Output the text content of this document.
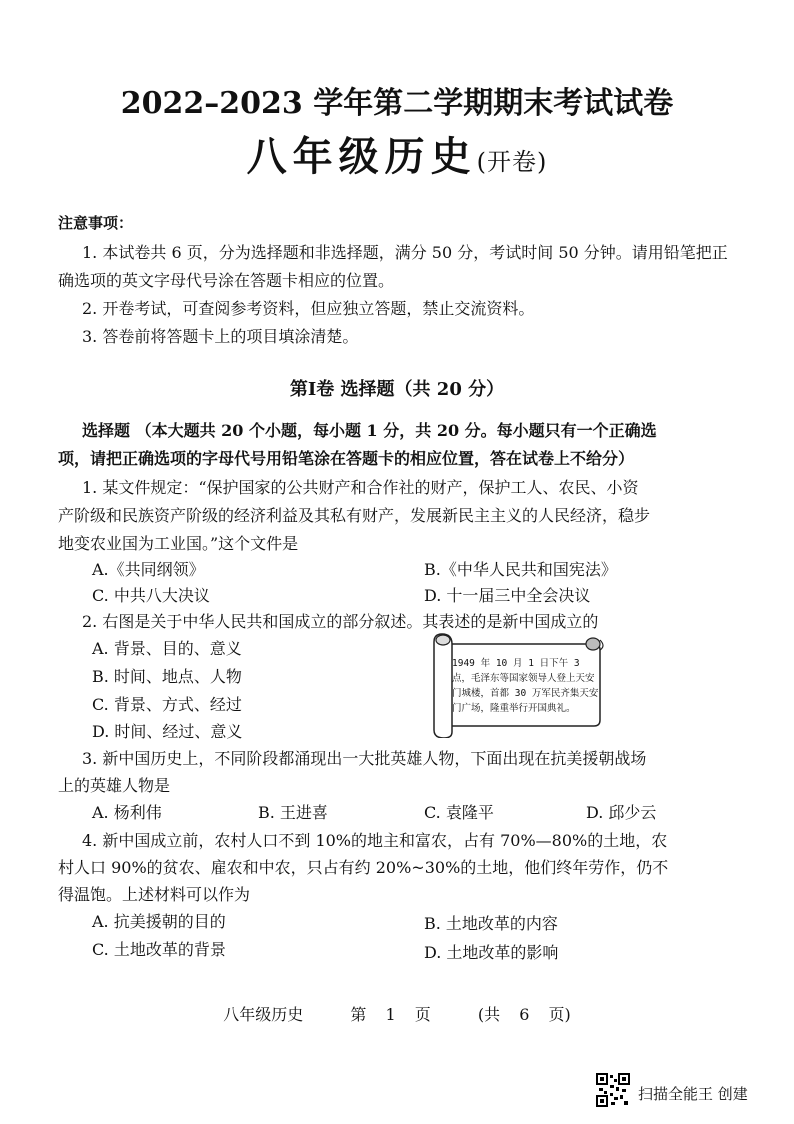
2022–2023 学年第二学期期末考试试卷
八年级历史(开卷)
注意事项：
1. 本试卷共 6 页，分为选择题和非选择题，满分 50 分，考试时间 50 分钟。请用铅笔把正
确选项的英文字母代号涂在答题卡相应的位置。
2. 开卷考试，可查阅参考资料，但应独立答题，禁止交流资料。
3. 答卷前将答题卡上的项目填涂清楚。
第Ⅰ卷 选择题（共 20 分）
选择题 （本大题共 20 个小题，每小题 1 分，共 20 分。每小题只有一个正确选
项，请把正确选项的字母代号用铅笔涂在答题卡的相应位置，答在试卷上不给分）
1. 某文件规定：“保护国家的公共财产和合作社的财产，保护工人、农民、小资
产阶级和民族资产阶级的经济利益及其私有财产，发展新民主主义的人民经济，稳步
地变农业国为工业国。”这个文件是
A.《共同纲领》	B.《中华人民共和国宪法》
C. 中共八大决议	D. 十一届三中全会决议
2. 右图是关于中华人民共和国成立的部分叙述。其表述的是新中国成立的
A. 背景、目的、意义
B. 时间、地点、人物
C. 背景、方式、经过
D. 时间、经过、意义
1949 年 10 月 1 日下午 3 点，毛泽东等国家领导人登上天安门城楼，首都 30 万军民齐集天安门广场，隆重举行开国典礼。
3. 新中国历史上，不同阶段都涌现出一大批英雄人物，下面出现在抗美援朝战场
上的英雄人物是
A. 杨利伟	B. 王进喜	C. 袁隆平	D. 邱少云
4. 新中国成立前，农村人口不到 10%的地主和富农，占有 70%—80%的土地，农
村人口 90%的贫农、雇农和中农，只占有约 20%~30%的土地，他们终年劳作，仍不
得温饱。上述材料可以作为
A. 抗美援朝的目的	B. 土地改革的内容
C. 土地改革的背景	D. 土地改革的影响
八年级历史	第 1 页	(共 6 页)
扫描全能王 创建
